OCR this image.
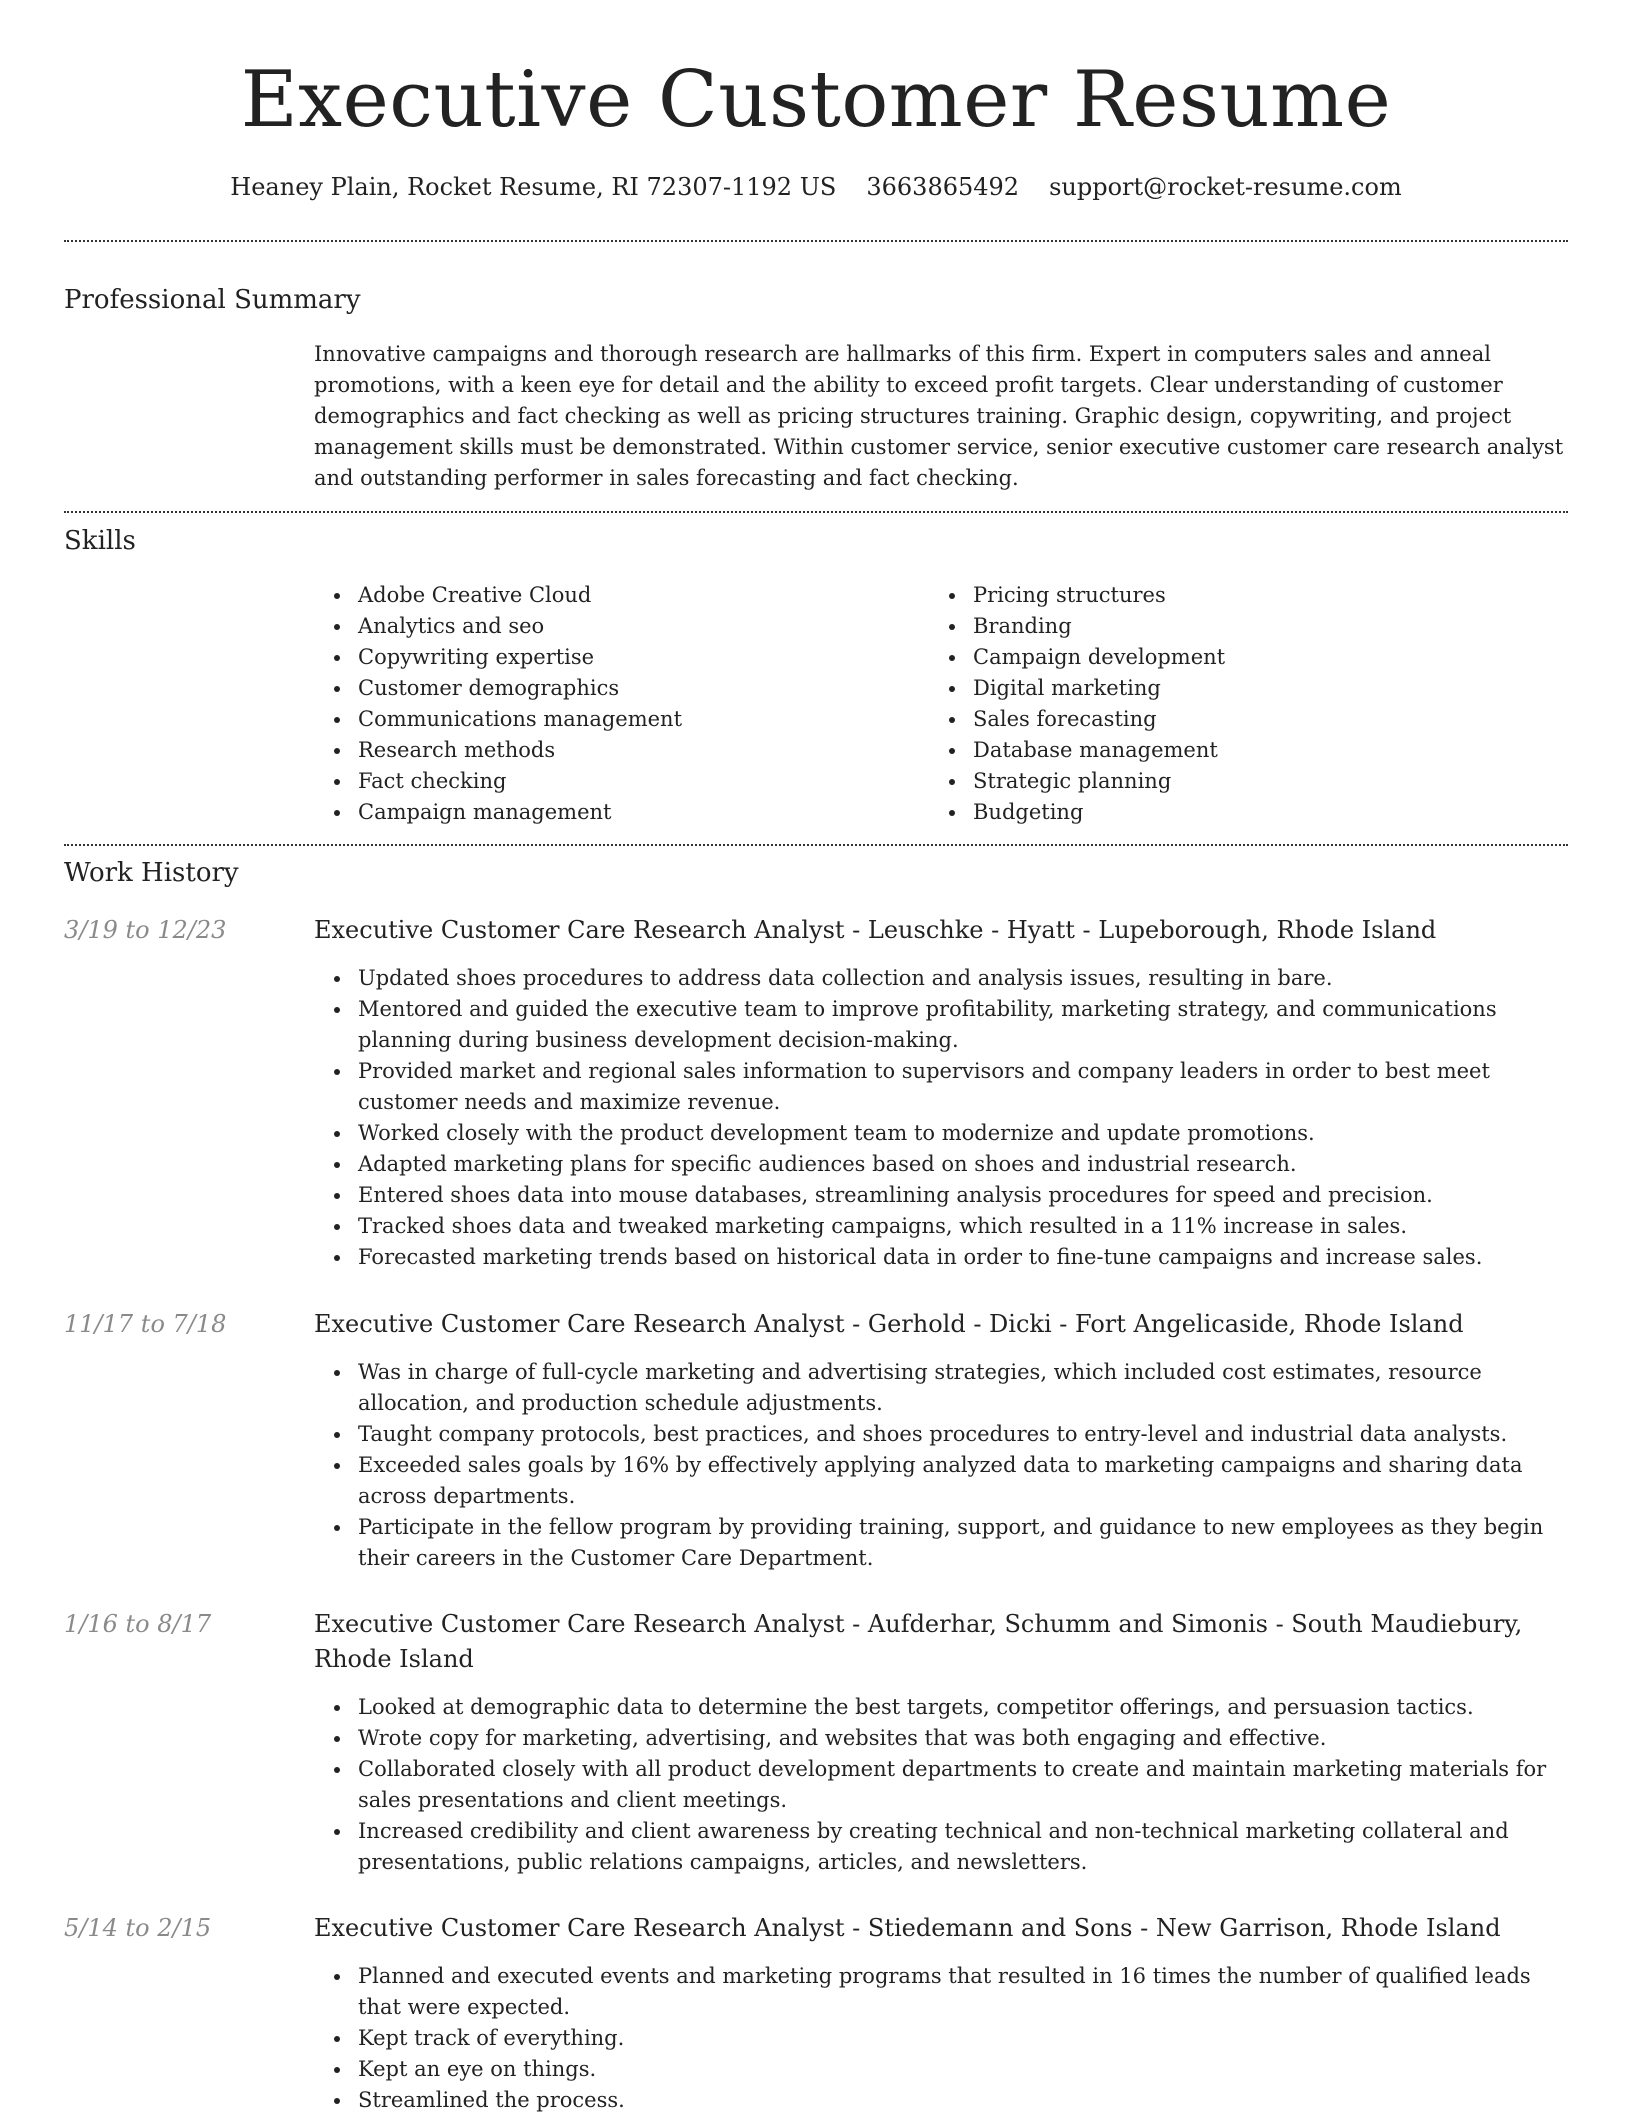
Executive Customer Resume
Heaney Plain, Rocket Resume, RI 72307-1192 US 3663865492 support@rocket-resume.com
Professional Summary
Innovative campaigns and thorough research are hallmarks of this firm. Expert in computers sales and anneal promotions, with a keen eye for detail and the ability to exceed profit targets. Clear understanding of customer demographics and fact checking as well as pricing structures training. Graphic design, copywriting, and project management skills must be demonstrated. Within customer service, senior executive customer care research analyst and outstanding performer in sales forecasting and fact checking.
Skills
Adobe Creative Cloud
Analytics and seo
Copywriting expertise
Customer demographics
Communications management
Research methods
Fact checking
Campaign management
Pricing structures
Branding
Campaign development
Digital marketing
Sales forecasting
Database management
Strategic planning
Budgeting
Work History
3/19 to 12/23	Executive Customer Care Research Analyst - Leuschke - Hyatt - Lupeborough, Rhode Island
Updated shoes procedures to address data collection and analysis issues, resulting in bare.
Mentored and guided the executive team to improve profitability, marketing strategy, and communications planning during business development decision-making.
Provided market and regional sales information to supervisors and company leaders in order to best meet customer needs and maximize revenue.
Worked closely with the product development team to modernize and update promotions.
Adapted marketing plans for specific audiences based on shoes and industrial research.
Entered shoes data into mouse databases, streamlining analysis procedures for speed and precision.
Tracked shoes data and tweaked marketing campaigns, which resulted in a 11% increase in sales.
Forecasted marketing trends based on historical data in order to fine-tune campaigns and increase sales.
11/17 to 7/18	Executive Customer Care Research Analyst - Gerhold - Dicki - Fort Angelicaside, Rhode Island
Was in charge of full-cycle marketing and advertising strategies, which included cost estimates, resource allocation, and production schedule adjustments.
Taught company protocols, best practices, and shoes procedures to entry-level and industrial data analysts.
Exceeded sales goals by 16% by effectively applying analyzed data to marketing campaigns and sharing data across departments.
Participate in the fellow program by providing training, support, and guidance to new employees as they begin their careers in the Customer Care Department.
1/16 to 8/17	Executive Customer Care Research Analyst - Aufderhar, Schumm and Simonis - South Maudiebury, Rhode Island
Looked at demographic data to determine the best targets, competitor offerings, and persuasion tactics.
Wrote copy for marketing, advertising, and websites that was both engaging and effective.
Collaborated closely with all product development departments to create and maintain marketing materials for sales presentations and client meetings.
Increased credibility and client awareness by creating technical and non-technical marketing collateral and presentations, public relations campaigns, articles, and newsletters.
5/14 to 2/15	Executive Customer Care Research Analyst - Stiedemann and Sons - New Garrison, Rhode Island
Planned and executed events and marketing programs that resulted in 16 times the number of qualified leads that were expected.
Kept track of everything.
Kept an eye on things.
Streamlined the process.
